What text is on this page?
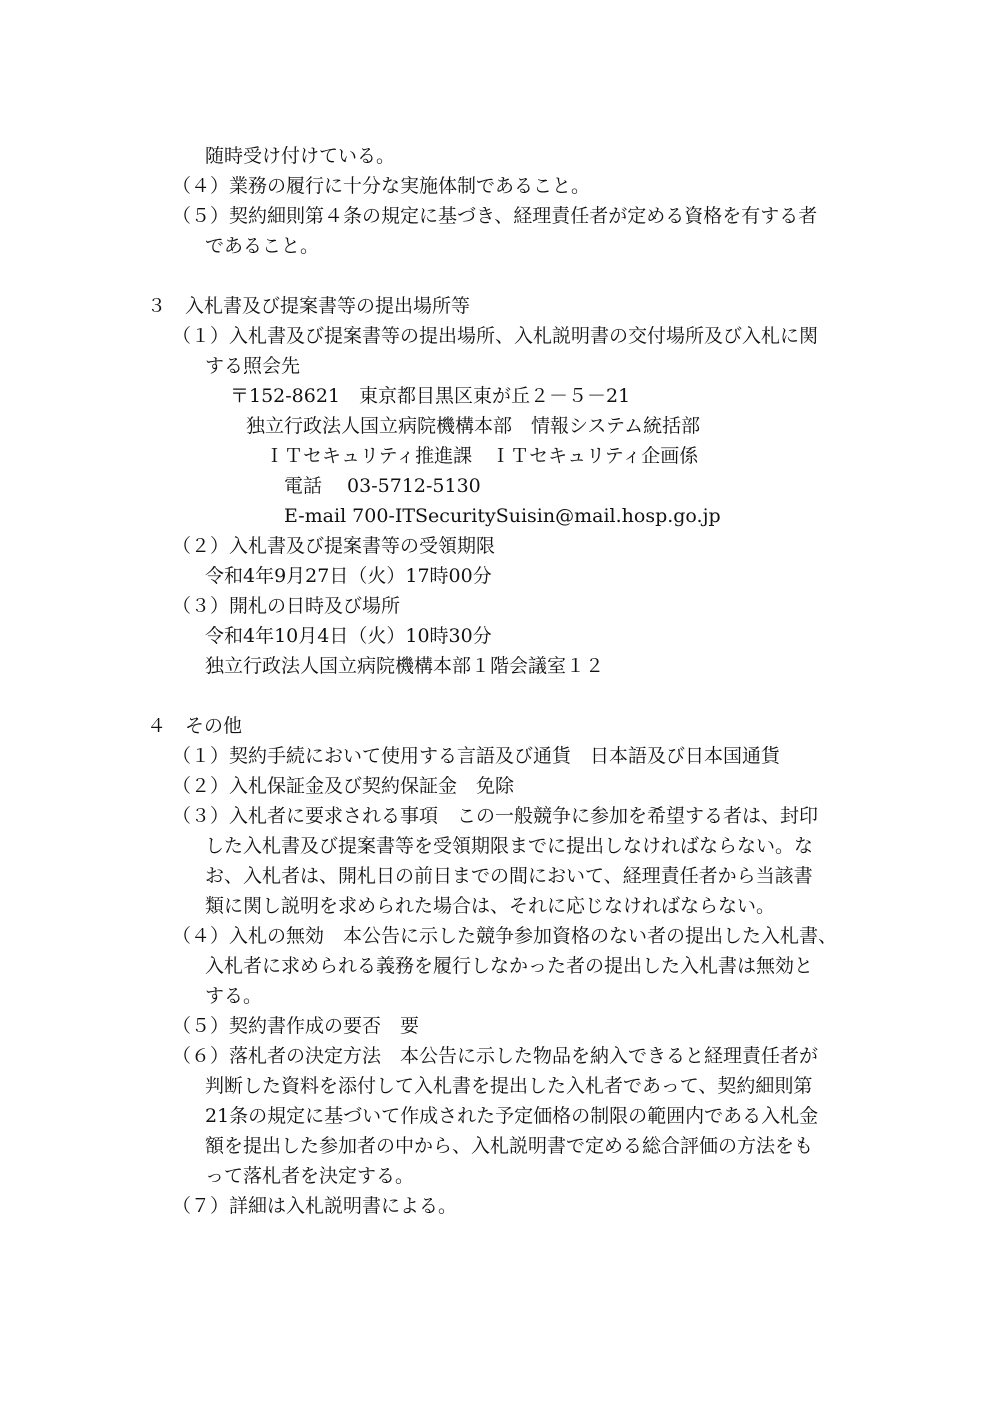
随時受け付けている。
（４）業務の履行に十分な実施体制であること。
（５）契約細則第４条の規定に基づき、経理責任者が定める資格を有する者
であること。
３　入札書及び提案書等の提出場所等
（１）入札書及び提案書等の提出場所、入札説明書の交付場所及び入札に関
する照会先
〒152-8621　東京都目黒区東が丘２－５－21
独立行政法人国立病院機構本部　情報システム統括部
ＩＴセキュリティ推進課　ＩＴセキュリティ企画係
電話　 03-5712-5130
E-mail 700-ITSecuritySuisin@mail.hosp.go.jp
（２）入札書及び提案書等の受領期限
令和4年9月27日（火）17時00分
（３）開札の日時及び場所
令和4年10月4日（火）10時30分
独立行政法人国立病院機構本部１階会議室１２
４　その他
（１）契約手続において使用する言語及び通貨　日本語及び日本国通貨
（２）入札保証金及び契約保証金　免除
（３）入札者に要求される事項　この一般競争に参加を希望する者は、封印
した入札書及び提案書等を受領期限までに提出しなければならない。な
お、入札者は、開札日の前日までの間において、経理責任者から当該書
類に関し説明を求められた場合は、それに応じなければならない。
（４）入札の無効　本公告に示した競争参加資格のない者の提出した入札書、
入札者に求められる義務を履行しなかった者の提出した入札書は無効と
する。
（５）契約書作成の要否　要
（６）落札者の決定方法　本公告に示した物品を納入できると経理責任者が
判断した資料を添付して入札書を提出した入札者であって、契約細則第
21条の規定に基づいて作成された予定価格の制限の範囲内である入札金
額を提出した参加者の中から、入札説明書で定める総合評価の方法をも
って落札者を決定する。
（７）詳細は入札説明書による。
